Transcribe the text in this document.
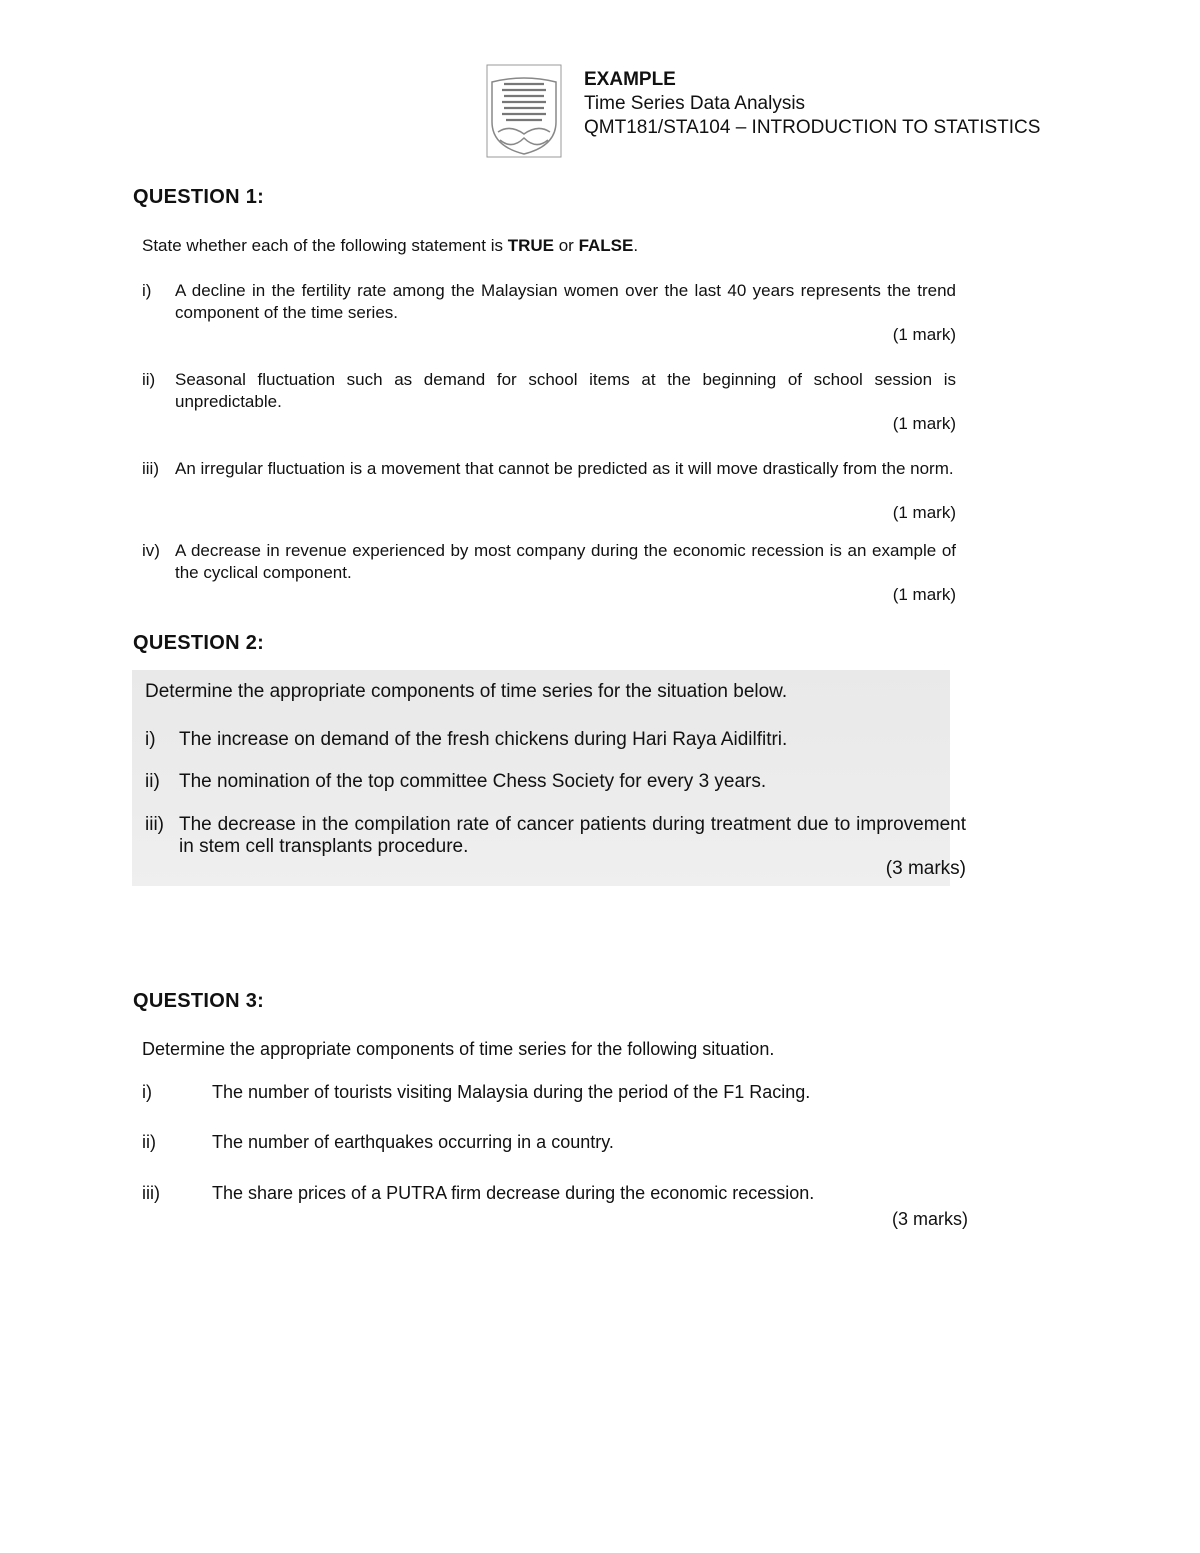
EXAMPLE
Time Series Data Analysis
QMT181/STA104 – INTRODUCTION TO STATISTICS
QUESTION 1:
State whether each of the following statement is TRUE or FALSE.
i)	A decline in the fertility rate among the Malaysian women over the last 40 years represents the trend component of the time series.
(1 mark)
ii)	Seasonal fluctuation such as demand for school items at the beginning of school session is unpredictable.
(1 mark)
iii) An irregular fluctuation is a movement that cannot be predicted as it will move drastically from the norm.
(1 mark)
iv) A decrease in revenue experienced by most company during the economic recession is an example of the cyclical component.
(1 mark)
QUESTION 2:
Determine the appropriate components of time series for the situation below.
i) The increase on demand of the fresh chickens during Hari Raya Aidilfitri.
ii) The nomination of the top committee Chess Society for every 3 years.
iii) The decrease in the compilation rate of cancer patients during treatment due to improvement in stem cell transplants procedure.
(3 marks)
QUESTION 3:
Determine the appropriate components of time series for the following situation.
i)	The number of tourists visiting Malaysia during the period of the F1 Racing.
ii)	The number of earthquakes occurring in a country.
iii)	The share prices of a PUTRA firm decrease during the economic recession.
(3 marks)
